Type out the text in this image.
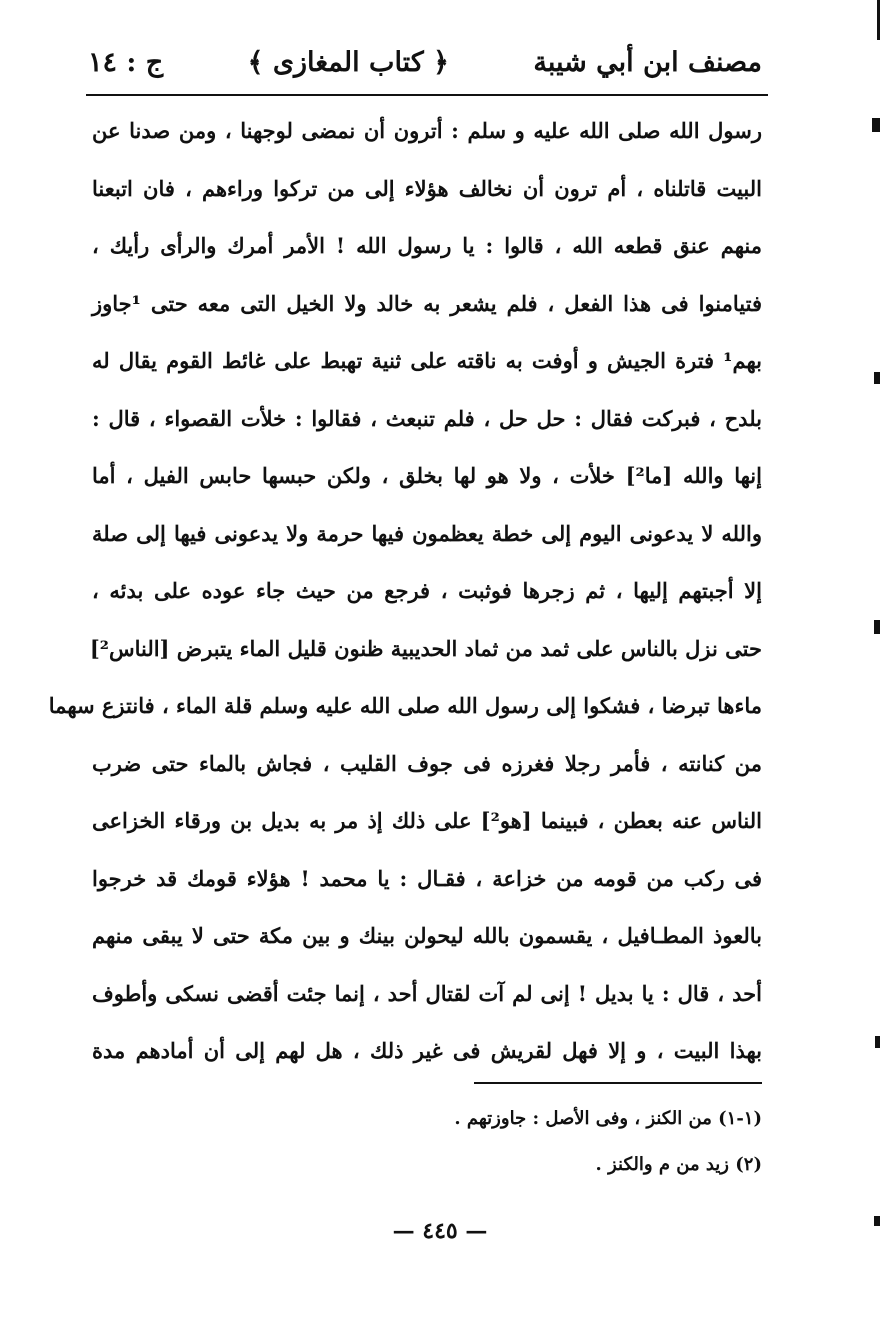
مصنف ابن أبي شيبة
﴿ كتاب المغازى ﴾
ج : ١٤
رسول الله صلى الله عليه و سلم : أترون أن نمضى لوجهنا ، ومن صدنا عن
البيت قاتلناه ، أم ترون أن نخالف هؤلاء إلى من تركوا وراءهم ، فان اتبعنا
منهم عنق قطعه الله ، قالوا : يا رسول الله ! الأمر أمرك والرأى رأيك ،
فتيامنوا فى هذا الفعل ، فلم يشعر به خالد ولا الخيل التى معه حتى ¹جاوز
بهم¹ فترة الجيش و أوفت به ناقته على ثنية تهبط على غائط القوم يقال له
بلدح ، فبركت فقال : حل حل ، فلم تنبعث ، فقالوا : خلأت القصواء ، قال :
إنها والله [ما²] خلأت ، ولا هو لها بخلق ، ولكن حبسها حابس الفيل ، أما
والله لا يدعونى اليوم إلى خطة يعظمون فيها حرمة ولا يدعونى فيها إلى صلة
إلا أجبتهم إليها ، ثم زجرها فوثبت ، فرجع من حيث جاء عوده على بدئه ،
حتى نزل بالناس على ثمد من ثماد الحديبية ظنون قليل الماء يتبرض [الناس²]
ماءها تبرضا ، فشكوا إلى رسول الله صلى الله عليه وسلم قلة الماء ، فانتزع سهما
من كنانته ، فأمر رجلا فغرزه فى جوف القليب ، فجاش بالماء حتى ضرب
الناس عنه بعطن ، فبينما [هو²] على ذلك إذ مر به بديل بن ورقاء الخزاعى
فى ركب من قومه من خزاعة ، فقـال : يا محمد ! هؤلاء قومك قد خرجوا
بالعوذ المطـافيل ، يقسمون بالله ليحولن بينك و بين مكة حتى لا يبقى منهم
أحد ، قال : يا بديل ! إنى لم آت لقتال أحد ، إنما جئت أقضى نسكى وأطوف
بهذا البيت ، و إلا فهل لقريش فى غير ذلك ، هل لهم إلى أن أمادهم مدة
(١-١) من الكنز ، وفى الأصل : جاوزتهم .
(٢) زيد من م والكنز .
— ٤٤٥ —
